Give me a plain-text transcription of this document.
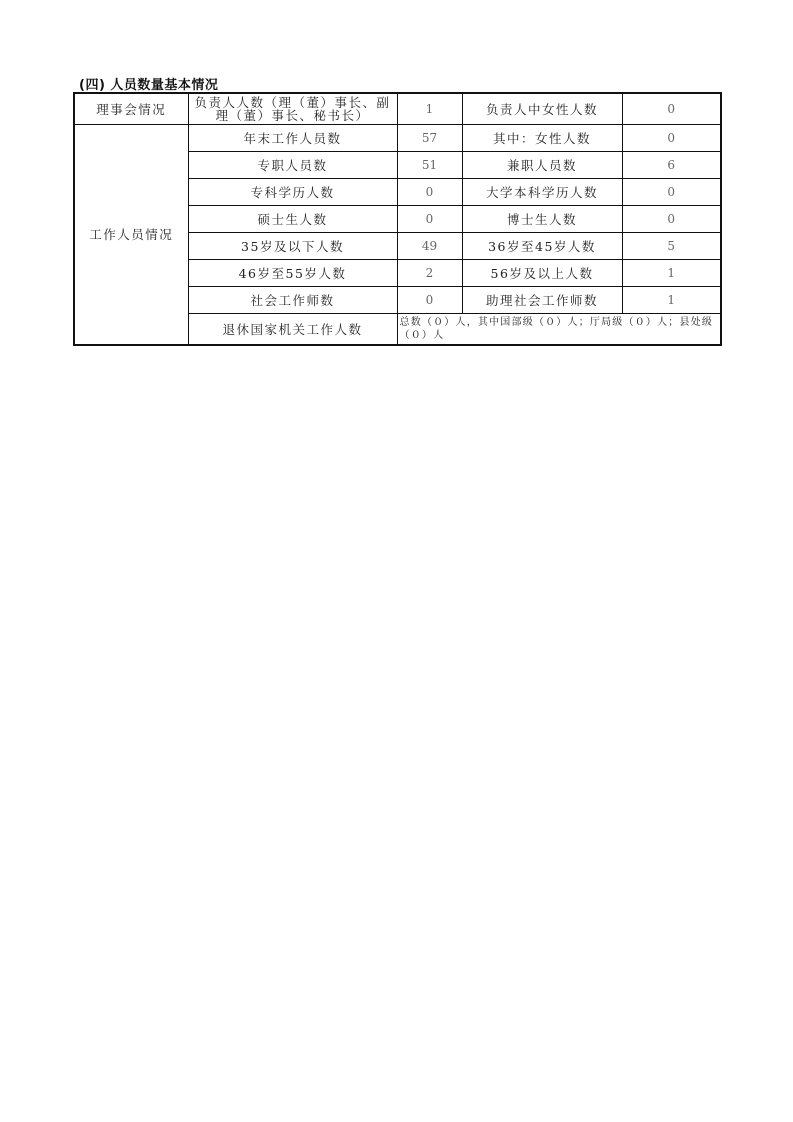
(四) 人员数量基本情况
理事会情况	负责人人数（理（董）事长、副理（董）事长、秘书长）	1	负责人中女性人数	0
工作人员情况	年末工作人员数	57	其中：女性人数	0
	专职人员数	51	兼职人员数	6
	专科学历人数	0	大学本科学历人数	0
	硕士生人数	0	博士生人数	0
	35岁及以下人数	49	36岁至45岁人数	5
	46岁至55岁人数	2	56岁及以上人数	1
	社会工作师数	0	助理社会工作师数	1
	退休国家机关工作人数	总数（０）人，其中国部级（０）人；厅局级（０）人；县处级（０）人		
